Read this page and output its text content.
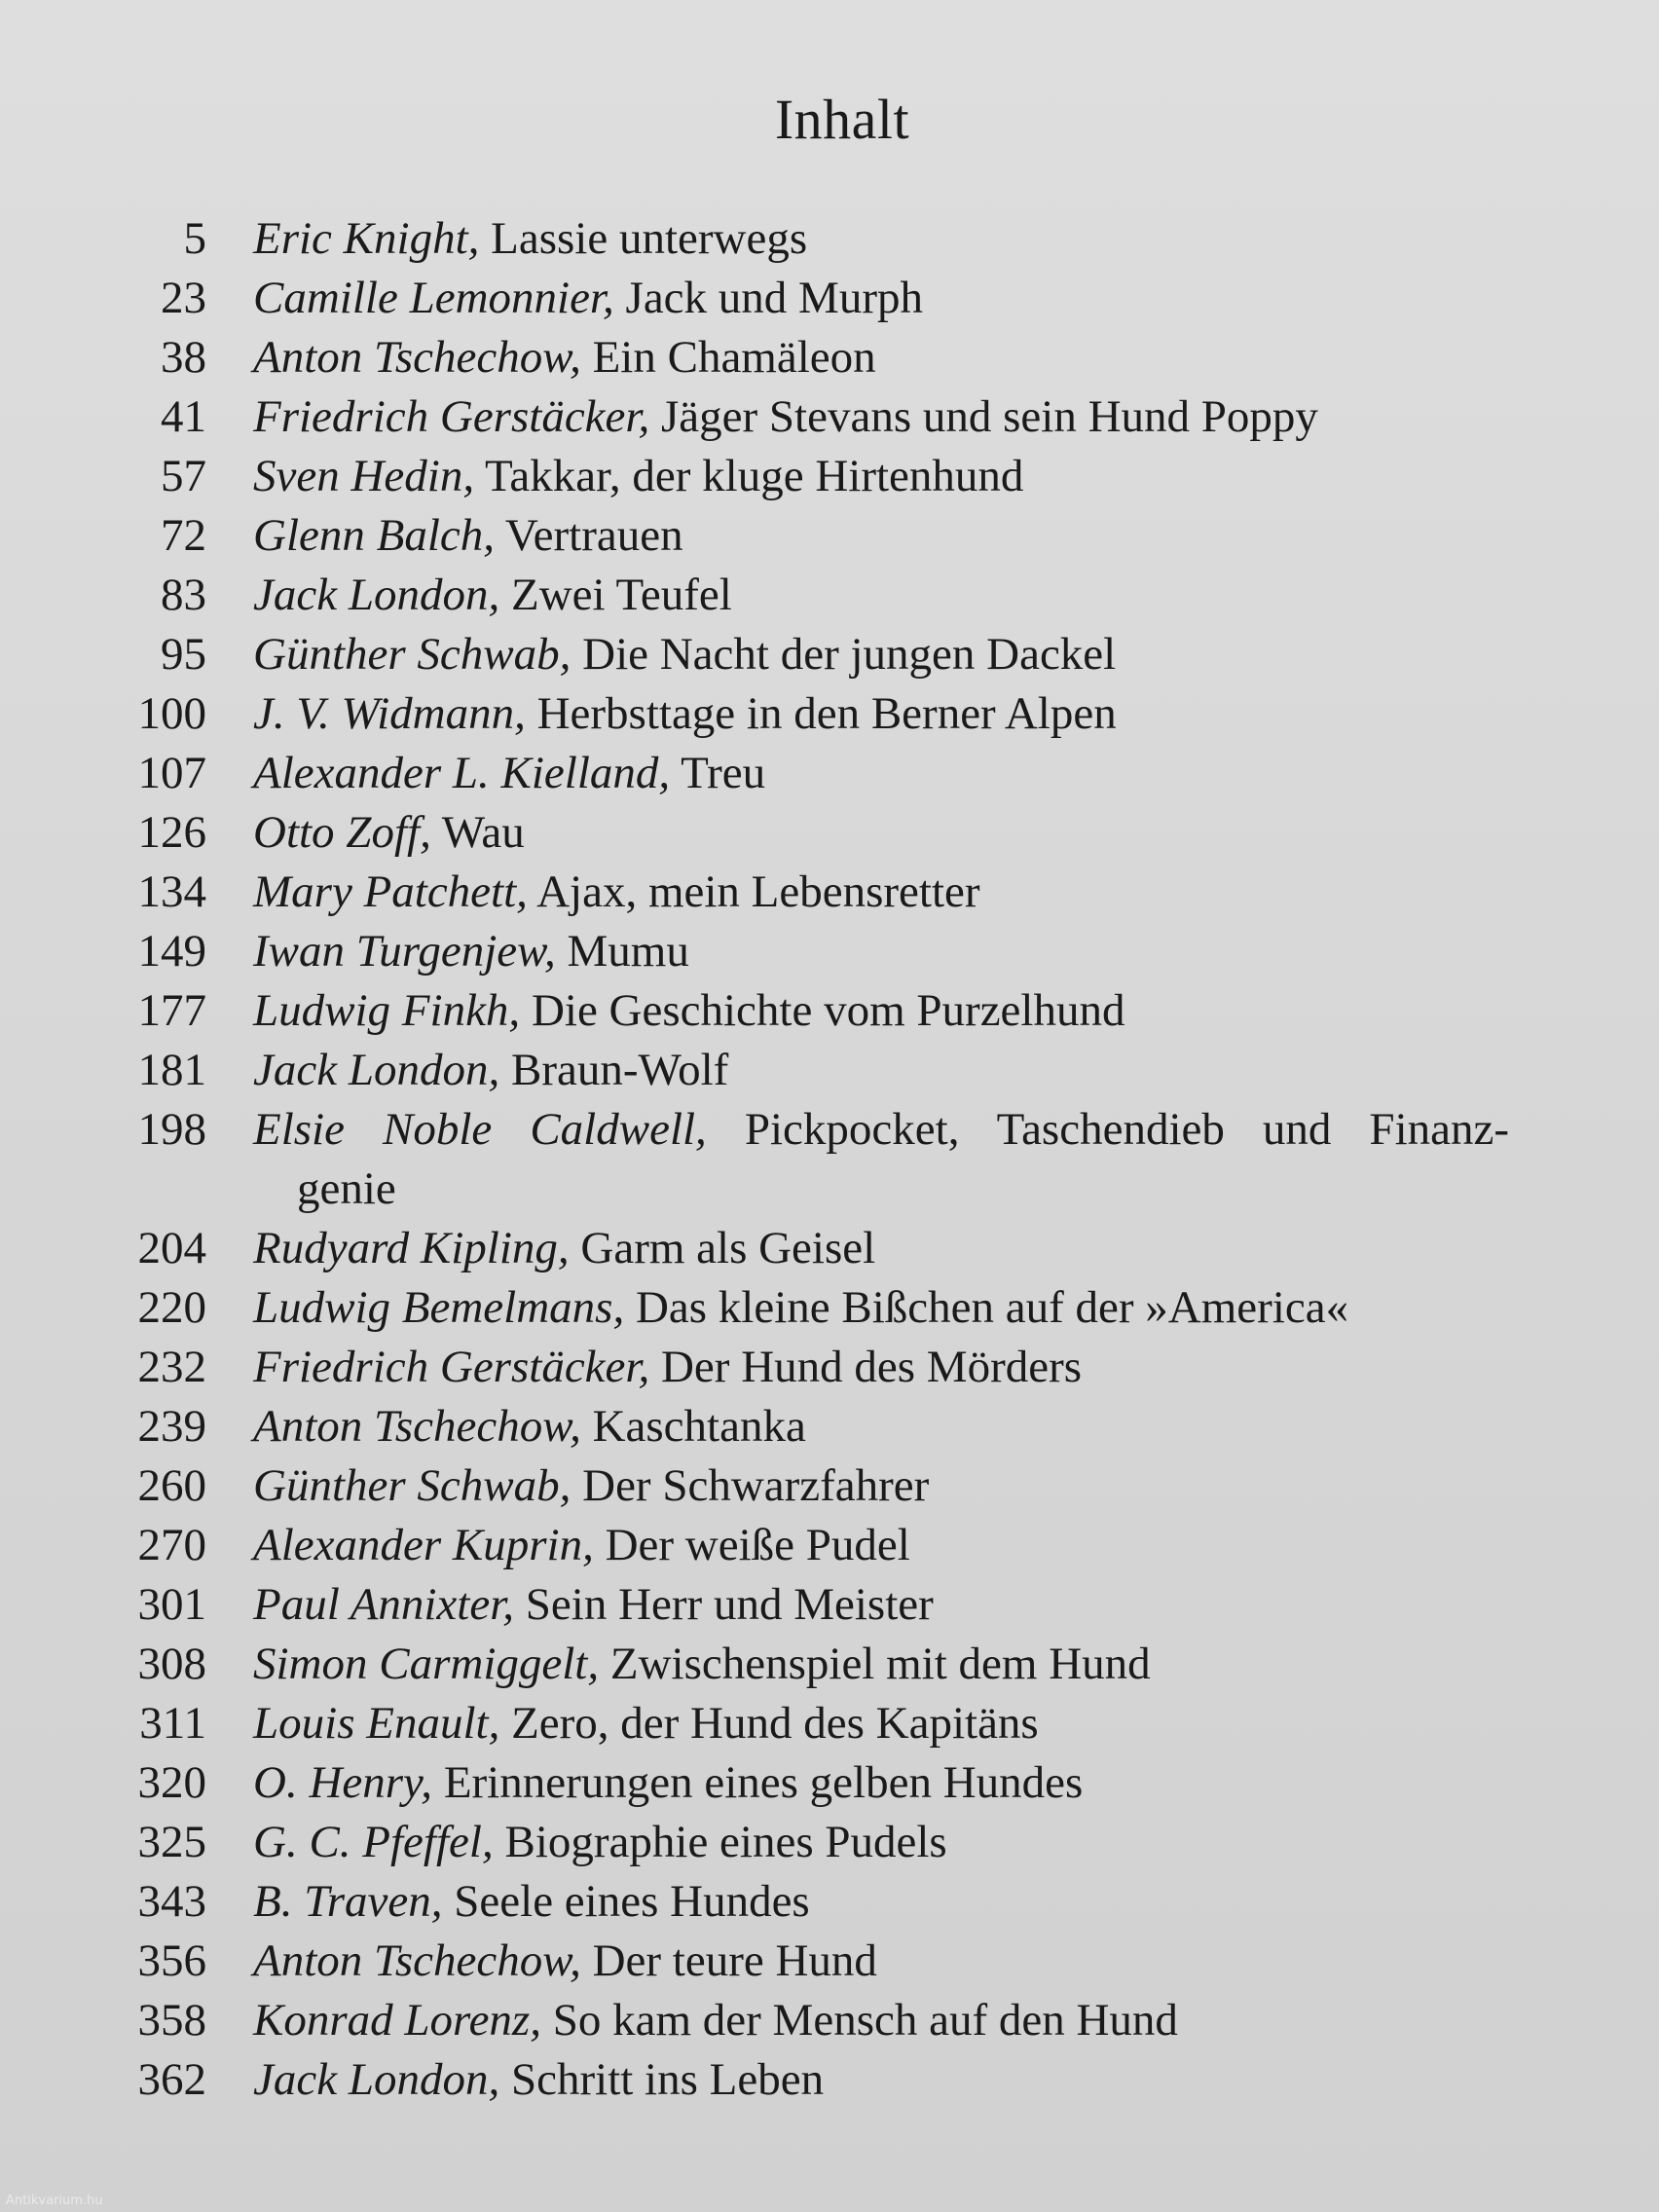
Inhalt
5 Eric Knight, Lassie unterwegs
23 Camille Lemonnier, Jack und Murph
38 Anton Tschechow, Ein Chamäleon
41 Friedrich Gerstäcker, Jäger Stevans und sein Hund Poppy
57 Sven Hedin, Takkar, der kluge Hirtenhund
72 Glenn Balch, Vertrauen
83 Jack London, Zwei Teufel
95 Günther Schwab, Die Nacht der jungen Dackel
100 J. V. Widmann, Herbsttage in den Berner Alpen
107 Alexander L. Kielland, Treu
126 Otto Zoff, Wau
134 Mary Patchett, Ajax, mein Lebensretter
149 Iwan Turgenjew, Mumu
177 Ludwig Finkh, Die Geschichte vom Purzelhund
181 Jack London, Braun-Wolf
198 Elsie Noble Caldwell, Pickpocket, Taschendieb und Finanz-
genie
204 Rudyard Kipling, Garm als Geisel
220 Ludwig Bemelmans, Das kleine Bißchen auf der »America«
232 Friedrich Gerstäcker, Der Hund des Mörders
239 Anton Tschechow, Kaschtanka
260 Günther Schwab, Der Schwarzfahrer
270 Alexander Kuprin, Der weiße Pudel
301 Paul Annixter, Sein Herr und Meister
308 Simon Carmiggelt, Zwischenspiel mit dem Hund
311 Louis Enault, Zero, der Hund des Kapitäns
320 O. Henry, Erinnerungen eines gelben Hundes
325 G. C. Pfeffel, Biographie eines Pudels
343 B. Traven, Seele eines Hundes
356 Anton Tschechow, Der teure Hund
358 Konrad Lorenz, So kam der Mensch auf den Hund
362 Jack London, Schritt ins Leben
Antikvarium.hu
